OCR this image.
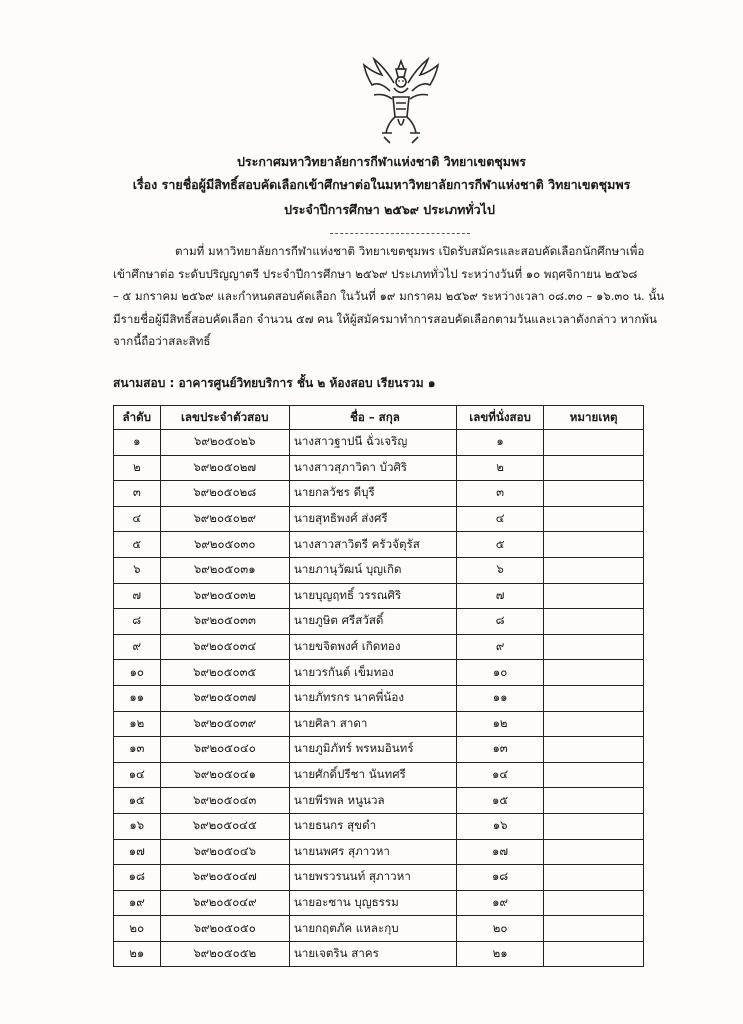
ประกาศมหาวิทยาลัยการกีฬาแห่งชาติ วิทยาเขตชุมพร
เรื่อง รายชื่อผู้มีสิทธิ์สอบคัดเลือกเข้าศึกษาต่อในมหาวิทยาลัยการกีฬาแห่งชาติ วิทยาเขตชุมพร
ประจำปีการศึกษา ๒๕๖๙ ประเภททั่วไป
ตามที่ มหาวิทยาลัยการกีฬาแห่งชาติ วิทยาเขตชุมพร เปิดรับสมัครและสอบคัดเลือกนักศึกษาเพื่อ
เข้าศึกษาต่อ ระดับปริญญาตรี ประจำปีการศึกษา ๒๕๖๙ ประเภททั่วไป ระหว่างวันที่ ๑๐ พฤศจิกายน ๒๕๖๘
– ๕ มกราคม ๒๕๖๙ และกำหนดสอบคัดเลือก ในวันที่ ๑๙ มกราคม ๒๕๖๙ ระหว่างเวลา ๐๘.๓๐ – ๑๖.๓๐ น. นั้น
มีรายชื่อผู้มีสิทธิ์สอบคัดเลือก จำนวน ๕๗ คน ให้ผู้สมัครมาทำการสอบคัดเลือกตามวันและเวลาดังกล่าว หากพ้น
จากนี้ถือว่าสละสิทธิ์
สนามสอบ : อาคารศูนย์วิทยบริการ ชั้น ๒ ห้องสอบ เรียนรวม ๑
ลำดับ	เลขประจำตัวสอบ	ชื่อ – สกุล	เลขที่นั่งสอบ	หมายเหตุ
๑	๖๙๒๐๕๐๒๖	นางสาวฐาปนี ฉั่วเจริญ	๑	
๒	๖๙๒๐๕๐๒๗	นางสาวสุภาวิดา บัวศิริ	๒	
๓	๖๙๒๐๕๐๒๘	นายกลวัชร ดีบุรี	๓	
๔	๖๙๒๐๕๐๒๙	นายสุทธิพงศ์ ส่งศรี	๔	
๕	๖๙๒๐๕๐๓๐	นางสาวสาวิตรี ครัวจัตุรัส	๕	
๖	๖๙๒๐๕๐๓๑	นายภานุวัฒน์ บุญเกิด	๖	
๗	๖๙๒๐๕๐๓๒	นายบุญฤทธิ์ วรรณศิริ	๗	
๘	๖๙๒๐๕๐๓๓	นายภูษิต ศรีสวัสดิ์	๘	
๙	๖๙๒๐๕๐๓๔	นายขจิตพงศ์ เกิดทอง	๙	
๑๐	๖๙๒๐๕๐๓๕	นายวรกันต์ เข็มทอง	๑๐	
๑๑	๖๙๒๐๕๐๓๗	นายภัทรกร นาคพี่น้อง	๑๑	
๑๒	๖๙๒๐๕๐๓๙	นายศิลา สาดา	๑๒	
๑๓	๖๙๒๐๕๐๔๐	นายภูมิภัทร์ พรหมอินทร์	๑๓	
๑๔	๖๙๒๐๕๐๔๑	นายศักดิ์ปรีชา นันทศรี	๑๔	
๑๕	๖๙๒๐๕๐๔๓	นายพีรพล หนูนวล	๑๕	
๑๖	๖๙๒๐๕๐๔๕	นายธนกร สุขดำ	๑๖	
๑๗	๖๙๒๐๕๐๔๖	นายนพศร สุภาวหา	๑๗	
๑๘	๖๙๒๐๕๐๔๗	นายพรวรนนท์ สุภาวหา	๑๘	
๑๙	๖๙๒๐๕๐๔๙	นายอะซาน บุญธรรม	๑๙	
๒๐	๖๙๒๐๕๐๕๐	นายกฤตภัค แหละกุบ	๒๐	
๒๑	๖๙๒๐๕๐๕๒	นายเจตริน สาคร	๒๑	
